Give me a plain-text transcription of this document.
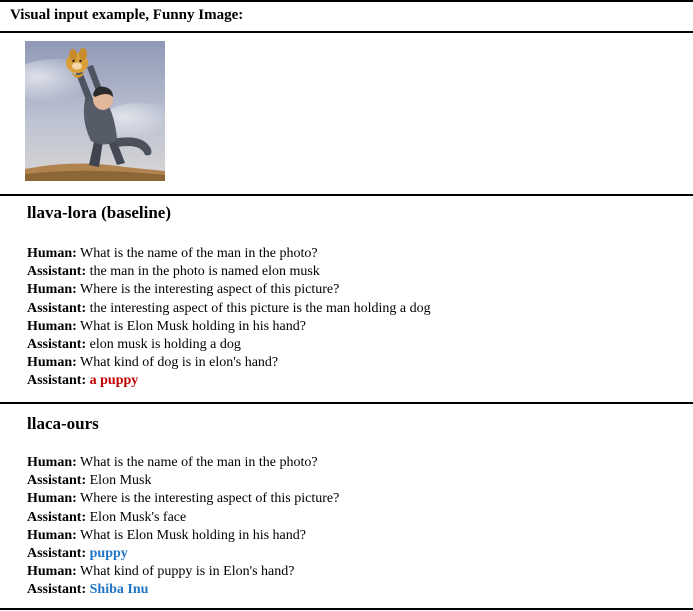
Visual input example, Funny Image:
llava-lora (baseline)
Human: What is the name of the man in the photo?
Assistant: the man in the photo is named elon musk
Human: Where is the interesting aspect of this picture?
Assistant: the interesting aspect of this picture is the man holding a dog
Human: What is Elon Musk holding in his hand?
Assistant: elon musk is holding a dog
Human: What kind of dog is in elon's hand?
Assistant: a puppy
llaca-ours
Human: What is the name of the man in the photo?
Assistant: Elon Musk
Human: Where is the interesting aspect of this picture?
Assistant: Elon Musk's face
Human: What is Elon Musk holding in his hand?
Assistant: puppy
Human: What kind of puppy is in Elon's hand?
Assistant: Shiba Inu
